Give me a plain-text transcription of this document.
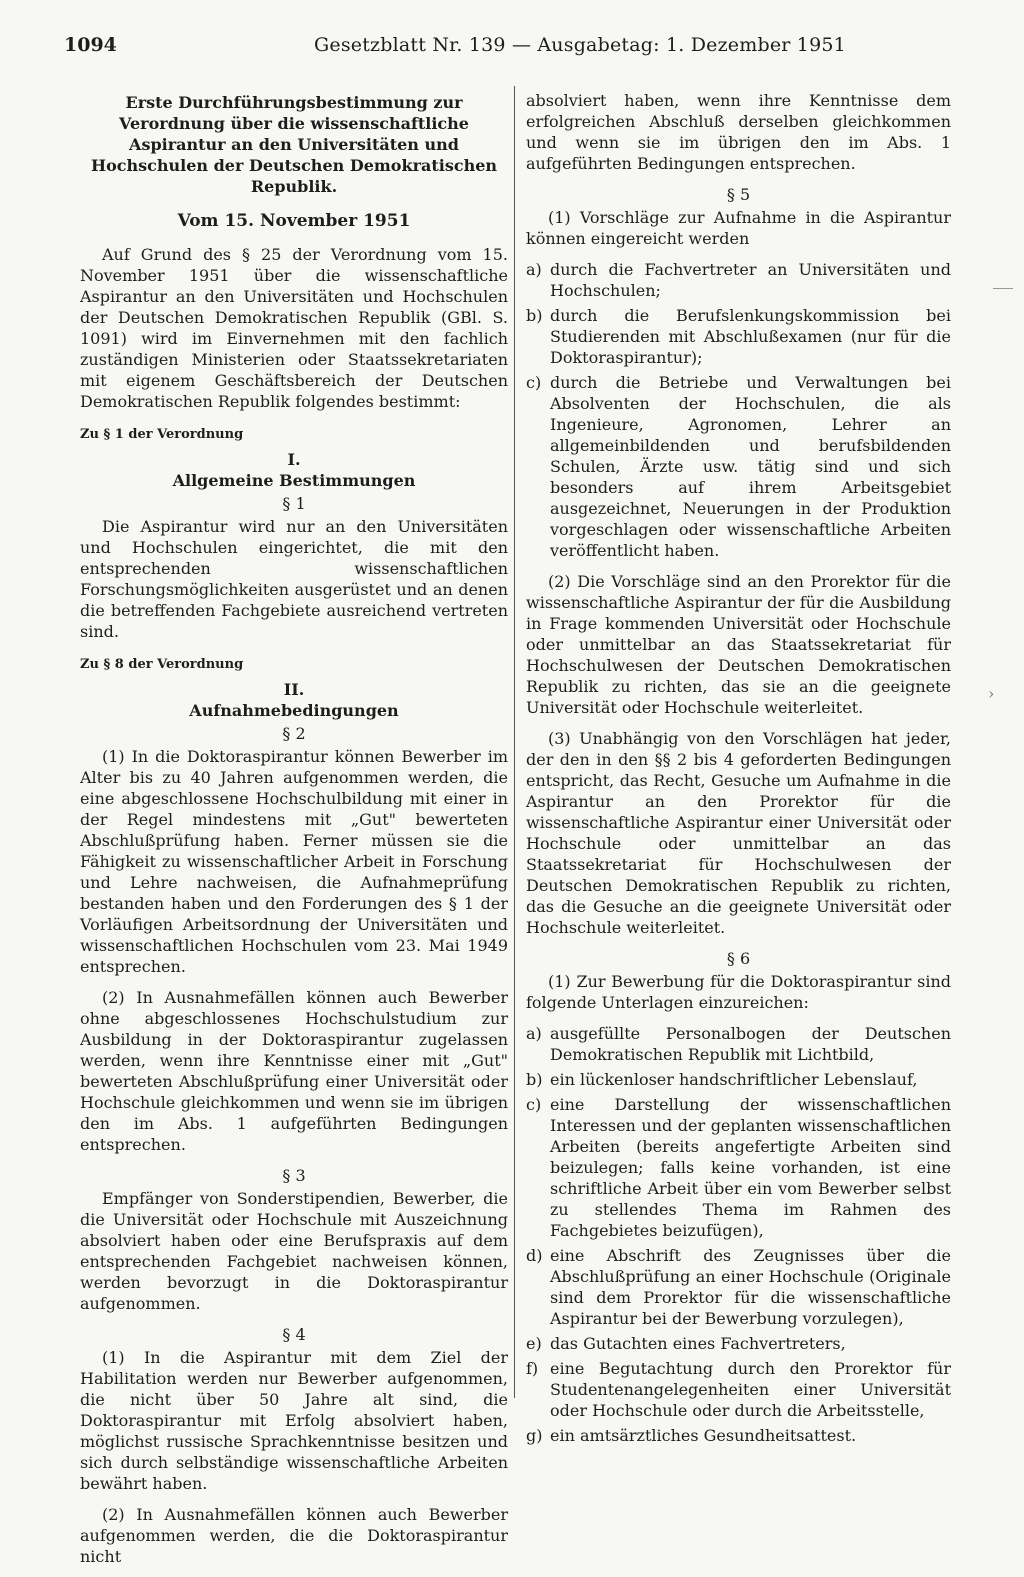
1094	Gesetzblatt Nr. 139 — Ausgabetag: 1. Dezember 1951
Erste Durchführungsbestimmung zur Verordnung über die wissenschaftliche Aspirantur an den Universitäten und Hochschulen der Deutschen Demokratischen Republik.
Vom 15. November 1951

Auf Grund des § 25 der Verordnung vom 15. November 1951 über die wissenschaftliche Aspirantur an den Universitäten und Hochschulen der Deutschen Demokratischen Republik (GBl. S. 1091) wird im Einvernehmen mit den fachlich zuständigen Ministerien oder Staatssekretariaten mit eigenem Geschäftsbereich der Deutschen Demokratischen Republik folgendes bestimmt:

Zu § 1 der Verordnung
I.
Allgemeine Bestimmungen
§ 1

Die Aspirantur wird nur an den Universitäten und Hochschulen eingerichtet, die mit den entsprechenden wissenschaftlichen Forschungsmöglichkeiten ausgerüstet und an denen die betreffenden Fachgebiete ausreichend vertreten sind.

Zu § 8 der Verordnung
II.
Aufnahmebedingungen
§ 2

(1) In die Doktoraspirantur können Bewerber im Alter bis zu 40 Jahren aufgenommen werden, die eine abgeschlossene Hochschulbildung mit einer in der Regel mindestens mit „Gut" bewerteten Abschlußprüfung haben. Ferner müssen sie die Fähigkeit zu wissenschaftlicher Arbeit in Forschung und Lehre nachweisen, die Aufnahmeprüfung bestanden haben und den Forderungen des § 1 der Vorläufigen Arbeitsordnung der Universitäten und wissenschaftlichen Hochschulen vom 23. Mai 1949 entsprechen.

(2) In Ausnahmefällen können auch Bewerber ohne abgeschlossenes Hochschulstudium zur Ausbildung in der Doktoraspirantur zugelassen werden, wenn ihre Kenntnisse einer mit „Gut" bewerteten Abschlußprüfung einer Universität oder Hochschule gleichkommen und wenn sie im übrigen den im Abs. 1 aufgeführten Bedingungen entsprechen.

§ 3

Empfänger von Sonderstipendien, Bewerber, die die Universität oder Hochschule mit Auszeichnung absolviert haben oder eine Berufspraxis auf dem entsprechenden Fachgebiet nachweisen können, werden bevorzugt in die Doktoraspirantur aufgenommen.

§ 4

(1) In die Aspirantur mit dem Ziel der Habilitation werden nur Bewerber aufgenommen, die nicht über 50 Jahre alt sind, die Doktoraspirantur mit Erfolg absolviert haben, möglichst russische Sprachkenntnisse besitzen und sich durch selbständige wissenschaftliche Arbeiten bewährt haben.

(2) In Ausnahmefällen können auch Bewerber aufgenommen werden, die die Doktoraspirantur nicht

absolviert haben, wenn ihre Kenntnisse dem erfolgreichen Abschluß derselben gleichkommen und wenn sie im übrigen den im Abs. 1 aufgeführten Bedingungen entsprechen.

§ 5

(1) Vorschläge zur Aufnahme in die Aspirantur können eingereicht werden

a) durch die Fachvertreter an Universitäten und Hochschulen;
b) durch die Berufslenkungskommission bei Studierenden mit Abschlußexamen (nur für die Doktoraspirantur);
c) durch die Betriebe und Verwaltungen bei Absolventen der Hochschulen, die als Ingenieure, Agronomen, Lehrer an allgemeinbildenden und berufsbildenden Schulen, Ärzte usw. tätig sind und sich besonders auf ihrem Arbeitsgebiet ausgezeichnet, Neuerungen in der Produktion vorgeschlagen oder wissenschaftliche Arbeiten veröffentlicht haben.

(2) Die Vorschläge sind an den Prorektor für die wissenschaftliche Aspirantur der für die Ausbildung in Frage kommenden Universität oder Hochschule oder unmittelbar an das Staatssekretariat für Hochschulwesen der Deutschen Demokratischen Republik zu richten, das sie an die geeignete Universität oder Hochschule weiterleitet.

(3) Unabhängig von den Vorschlägen hat jeder, der den in den §§ 2 bis 4 geforderten Bedingungen entspricht, das Recht, Gesuche um Aufnahme in die Aspirantur an den Prorektor für die wissenschaftliche Aspirantur einer Universität oder Hochschule oder unmittelbar an das Staatssekretariat für Hochschulwesen der Deutschen Demokratischen Republik zu richten, das die Gesuche an die geeignete Universität oder Hochschule weiterleitet.

§ 6

(1) Zur Bewerbung für die Doktoraspirantur sind folgende Unterlagen einzureichen:

a) ausgefüllte Personalbogen der Deutschen Demokratischen Republik mit Lichtbild,
b) ein lückenloser handschriftlicher Lebenslauf,
c) eine Darstellung der wissenschaftlichen Interessen und der geplanten wissenschaftlichen Arbeiten (bereits angefertigte Arbeiten sind beizulegen; falls keine vorhanden, ist eine schriftliche Arbeit über ein vom Bewerber selbst zu stellendes Thema im Rahmen des Fachgebietes beizufügen),
d) eine Abschrift des Zeugnisses über die Abschlußprüfung an einer Hochschule (Originale sind dem Prorektor für die wissenschaftliche Aspirantur bei der Bewerbung vorzulegen),
e) das Gutachten eines Fachvertreters,
f) eine Begutachtung durch den Prorektor für Studentenangelegenheiten einer Universität oder Hochschule oder durch die Arbeitsstelle,
g) ein amtsärztliches Gesundheitsattest.
›
